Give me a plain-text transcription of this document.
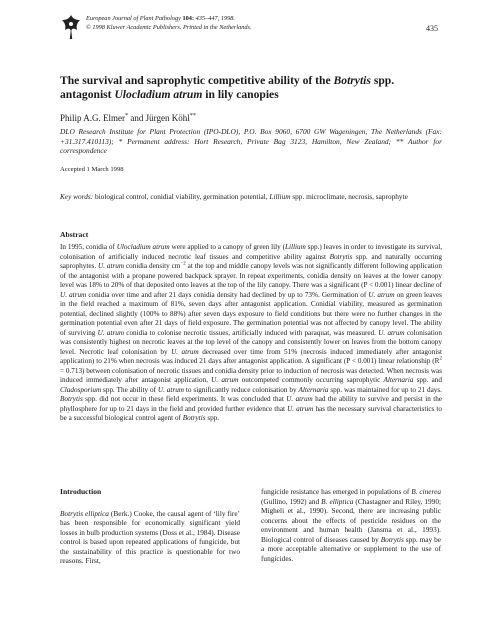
European Journal of Plant Pathology 104: 435–447, 1998.
© 1998 Kluwer Academic Publishers. Printed in the Netherlands.	435
The survival and saprophytic competitive ability of the Botrytis spp.
antagonist Ulocladium atrum in lily canopies
Philip A.G. Elmer* and Jürgen Köhl**
DLO Research Institute for Plant Protection (IPO-DLO), P.O. Box 9060, 6700 GW Wageningen, The Netherlands (Fax: +31.317.410113); * Permanent address: Hort Research, Private Bag 3123, Hamilton, New Zealand; ** Author for correspondence
Accepted 1 March 1998
Key words: biological control, conidial viability, germination potential, Lillium spp. microclimate, necrosis, saprophyte
Abstract
In 1995, conidia of Ulocladium atrum were applied to a canopy of green lily (Lillium spp.) leaves in order to investigate its survival, colonisation of artificially induced necrotic leaf tissues and competitive ability against Botrytis spp. and naturally occurring saprophytes. U. atrum conidia density $cm^{-2}$ at the top and middle canopy levels was not significantly different following application of the antagonist with a propane powered backpack sprayer. In repeat experiments, conidia density on leaves at the lower canopy level was 18% to 20% of that deposited onto leaves at the top of the lily canopy. There was a significant (P < 0.001) linear decline of U. atrum conidia over time and after 21 days conidia density had declined by up to 73%. Germination of U. atrum on green leaves in the field reached a maximum of 81%, seven days after antagonist application. Conidial viability, measured as germination potential, declined slightly (100% to 88%) after seven days exposure to field conditions but there were no further changes in the germination potential even after 21 days of field exposure. The germination potential was not affected by canopy level. The ability of surviving U. atrum conidia to colonise necrotic tissues, artificially induced with paraquat, was measured. U. atrum colonisation was consistently highest on necrotic leaves at the top level of the canopy and consistently lower on leaves from the bottom canopy level. Necrotic leaf colonisation by U. atrum decreased over time from 51% (necrosis induced immediately after antagonist application) to 21% when necrosis was induced 21 days after antagonist application. A significant (P < 0.001) linear relationship $(R^2 = 0.713)$ between colonisation of necrotic tissues and conidia density prior to induction of necrosis was detected. When necrosis was induced immediately after antagonist application, U. atrum outcompeted commonly occurring saprophytic Alternaria spp. and Cladosporium spp. The ability of U. atrum to significantly reduce colonisation by Alternaria spp. was maintained for up to 21 days. Botrytis spp. did not occur in these field experiments. It was concluded that U. atrum had the ability to survive and persist in the phyllosphere for up to 21 days in the field and provided further evidence that U. atrum has the necessary survival characteristics to be a successful biological control agent of Botrytis spp.
Introduction

Botrytis elliptica (Berk.) Cooke, the causal agent of ‘lily fire’ has been responsible for economically significant yield losses in bulb production systems (Doss et al., 1984). Disease control is based upon repeated applications of fungicide, but the sustainability of this practice is questionable for two reasons. First,

fungicide resistance has emerged in populations of B. cinerea (Gullino, 1992) and B. elliptica (Chastagner and Riley, 1990; Migheli et al., 1990). Second, there are increasing public concerns about the effects of pesticide residues on the environment and human health (Jansma et al., 1993). Biological control of diseases caused by Botrytis spp. may be a more acceptable alternative or supplement to the use of fungicides.
